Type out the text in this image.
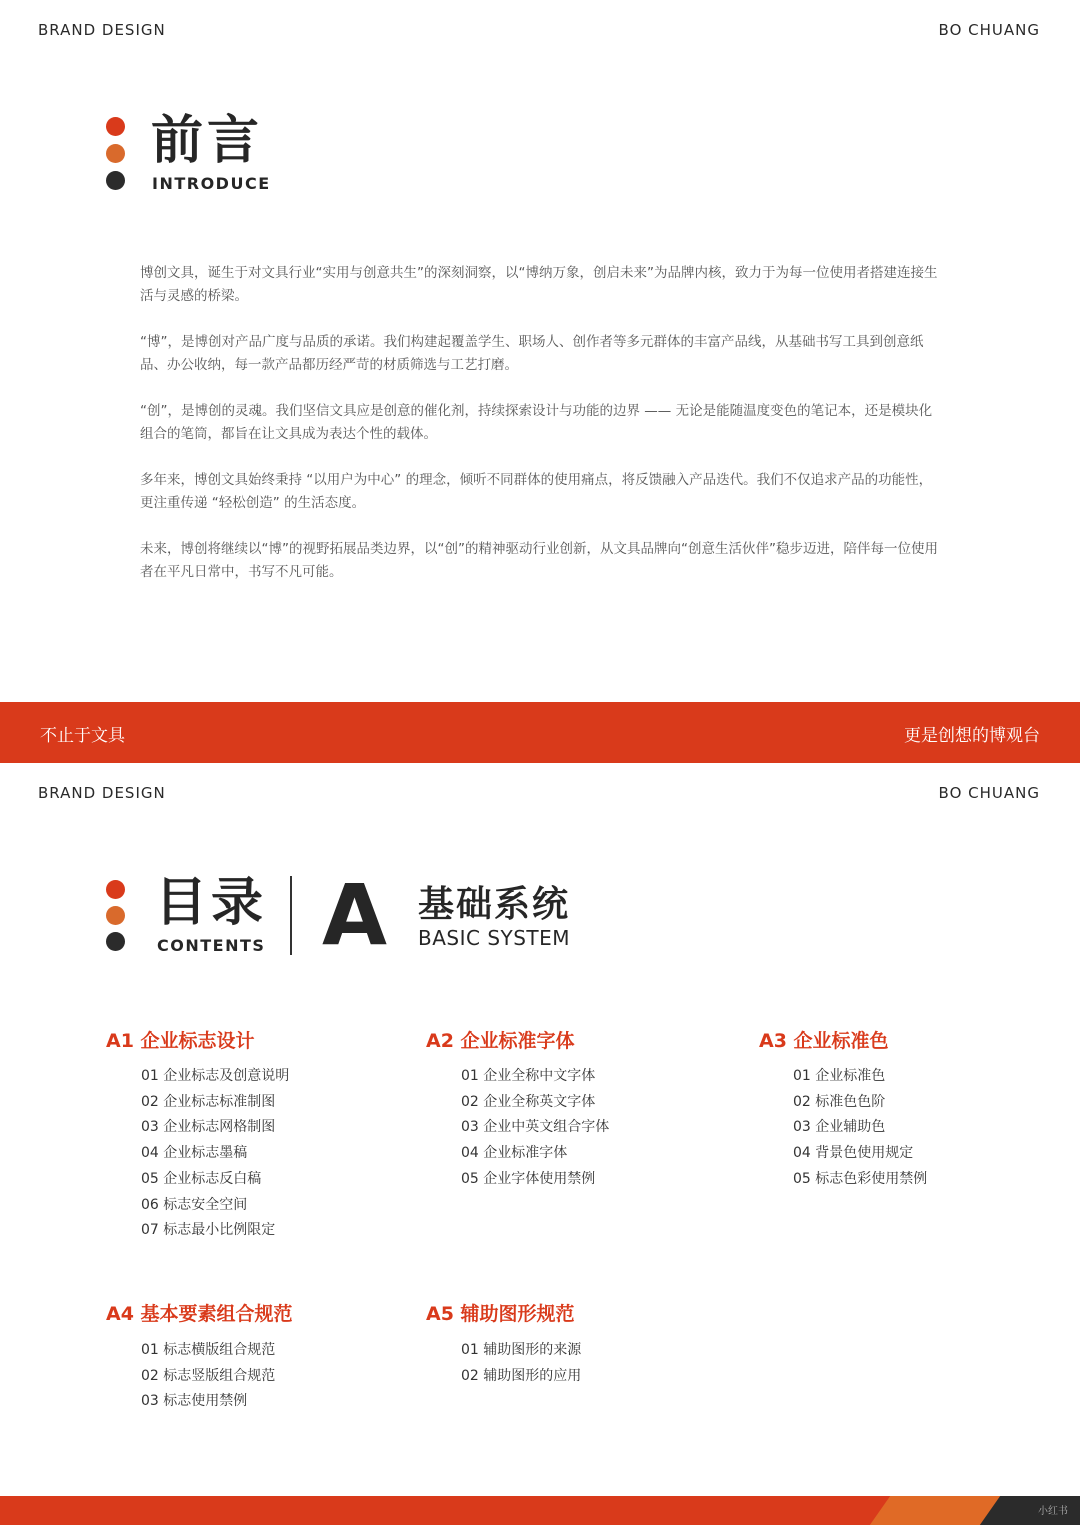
BRAND DESIGN	BO CHUANG
前言
INTRODUCE

博创文具，诞生于对文具行业“实用与创意共生”的深刻洞察，以“博纳万象，创启未来”为品牌内核，致力于为每一位使用者搭建连接生活与灵感的桥梁。

“博”，是博创对产品广度与品质的承诺。我们构建起覆盖学生、职场人、创作者等多元群体的丰富产品线，从基础书写工具到创意纸品、办公收纳，每一款产品都历经严苛的材质筛选与工艺打磨。

“创”，是博创的灵魂。我们坚信文具应是创意的催化剂，持续探索设计与功能的边界 —— 无论是能随温度变色的笔记本，还是模块化组合的笔筒，都旨在让文具成为表达个性的载体。

多年来，博创文具始终秉持 “以用户为中心” 的理念，倾听不同群体的使用痛点，将反馈融入产品迭代。我们不仅追求产品的功能性，更注重传递 “轻松创造” 的生活态度。

未来，博创将继续以“博”的视野拓展品类边界，以“创”的精神驱动行业创新，从文具品牌向“创意生活伙伴”稳步迈进，陪伴每一位使用者在平凡日常中，书写不凡可能。

不止于文具	更是创想的博观台
BRAND DESIGN	BO CHUANG
目录
CONTENTS A 基础系统
BASIC SYSTEM
A1 企业标志设计
01 企业标志及创意说明
02 企业标志标准制图
03 企业标志网格制图
04 企业标志墨稿
05 企业标志反白稿
06 标志安全空间
07 标志最小比例限定
A2 企业标准字体
01 企业全称中文字体
02 企业全称英文字体
03 企业中英文组合字体
04 企业标准字体
05 企业字体使用禁例
A3 企业标准色
01 企业标准色
02 标准色色阶
03 企业辅助色
04 背景色使用规定
05 标志色彩使用禁例
A4 基本要素组合规范
01 标志横版组合规范
02 标志竖版组合规范
03 标志使用禁例
A5 辅助图形规范
01 辅助图形的来源
02 辅助图形的应用
小红书
